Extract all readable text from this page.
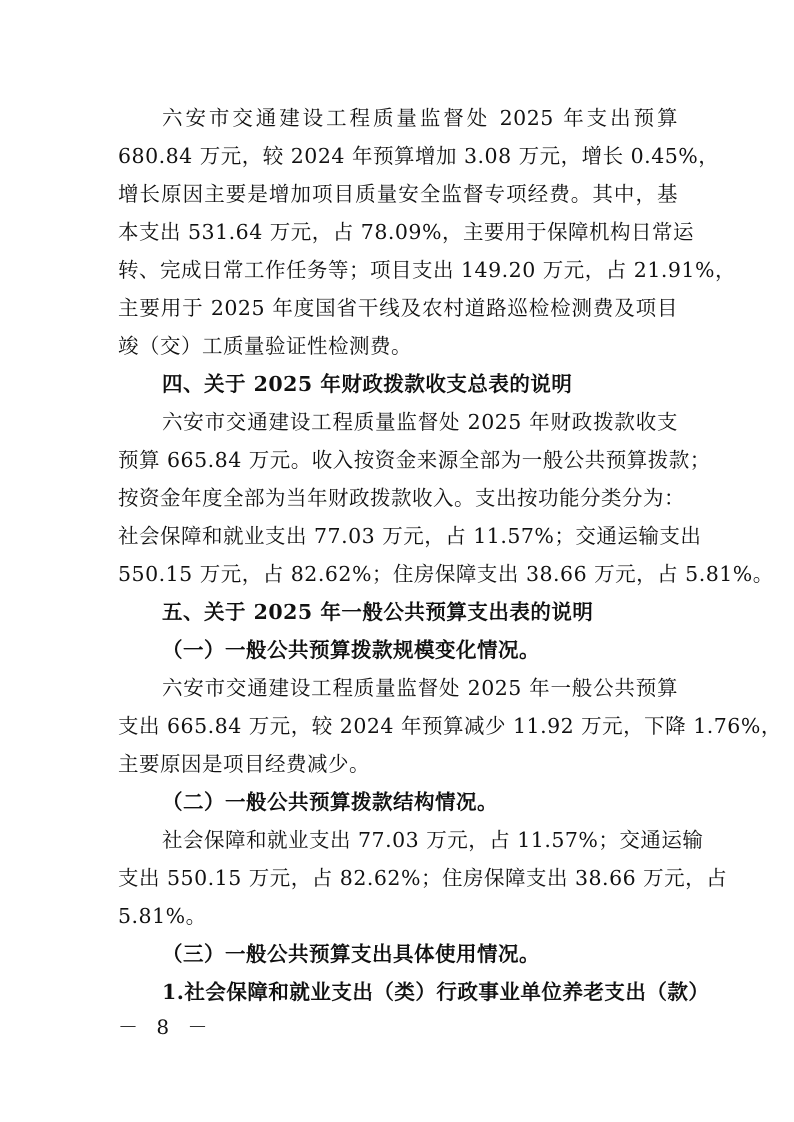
六安市交通建设工程质量监督处 2025 年支出预算
680.84 万元，较 2024 年预算增加 3.08 万元，增长 0.45%，
增长原因主要是增加项目质量安全监督专项经费。其中，基
本支出 531.64 万元，占 78.09%，主要用于保障机构日常运
转、完成日常工作任务等；项目支出 149.20 万元，占 21.91%，
主要用于 2025 年度国省干线及农村道路巡检检测费及项目
竣（交）工质量验证性检测费。
四、关于 2025 年财政拨款收支总表的说明
六安市交通建设工程质量监督处 2025 年财政拨款收支
预算 665.84 万元。收入按资金来源全部为一般公共预算拨款；
按资金年度全部为当年财政拨款收入。支出按功能分类分为：
社会保障和就业支出 77.03 万元，占 11.57%；交通运输支出
550.15 万元，占 82.62%；住房保障支出 38.66 万元，占 5.81%。
五、关于 2025 年一般公共预算支出表的说明
（一）一般公共预算拨款规模变化情况。
六安市交通建设工程质量监督处 2025 年一般公共预算
支出 665.84 万元，较 2024 年预算减少 11.92 万元，下降 1.76%，
主要原因是项目经费减少。
（二）一般公共预算拨款结构情况。
社会保障和就业支出 77.03 万元，占 11.57%；交通运输
支出 550.15 万元，占 82.62%；住房保障支出 38.66 万元，占
5.81%。
（三）一般公共预算支出具体使用情况。
1.社会保障和就业支出（类）行政事业单位养老支出（款）
－ 8 －
